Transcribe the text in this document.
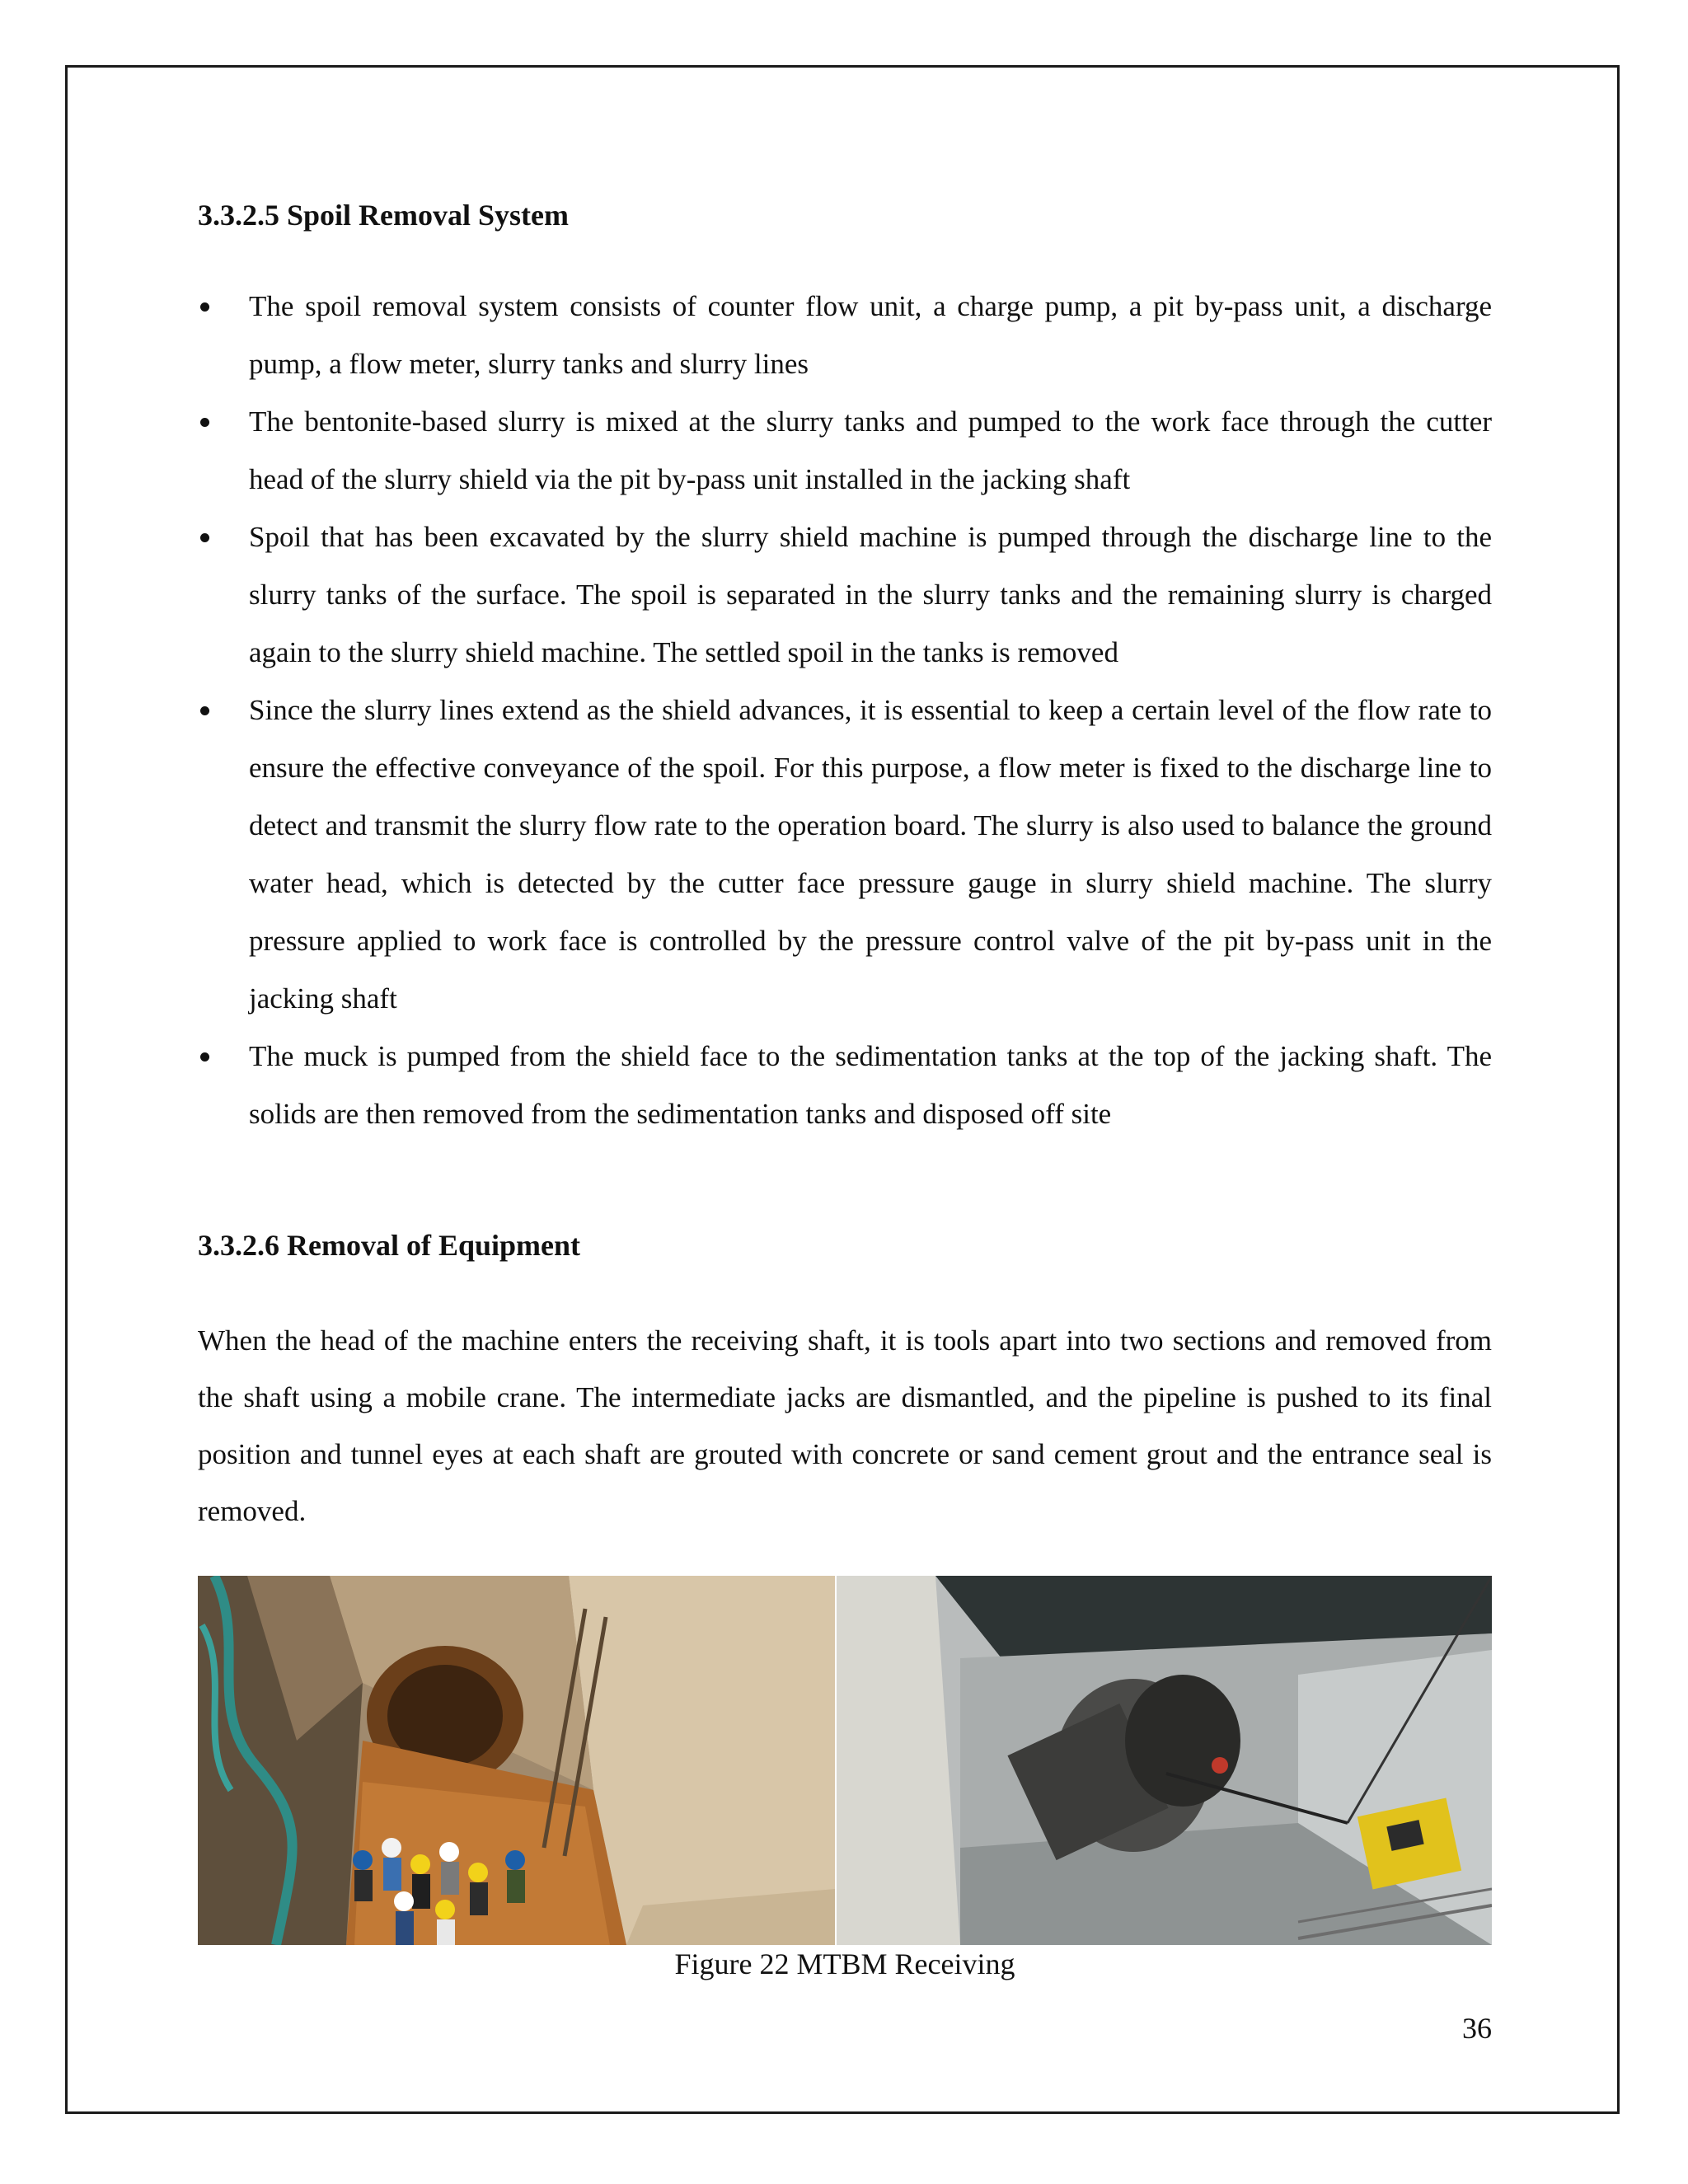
3.3.2.5 Spoil Removal System
The spoil removal system consists of counter flow unit, a charge pump, a pit by-pass unit, a discharge pump, a flow meter, slurry tanks and slurry lines
The bentonite-based slurry is mixed at the slurry tanks and pumped to the work face through the cutter head of the slurry shield via the pit by-pass unit installed in the jacking shaft
Spoil that has been excavated by the slurry shield machine is pumped through the discharge line to the slurry tanks of the surface. The spoil is separated in the slurry tanks and the remaining slurry is charged again to the slurry shield machine. The settled spoil in the tanks is removed
Since the slurry lines extend as the shield advances, it is essential to keep a certain level of the flow rate to ensure the effective conveyance of the spoil. For this purpose, a flow meter is fixed to the discharge line to detect and transmit the slurry flow rate to the operation board. The slurry is also used to balance the ground water head, which is detected by the cutter face pressure gauge in slurry shield machine. The slurry pressure applied to work face is controlled by the pressure control valve of the pit by-pass unit in the jacking shaft
The muck is pumped from the shield face to the sedimentation tanks at the top of the jacking shaft. The solids are then removed from the sedimentation tanks and disposed off site
3.3.2.6 Removal of Equipment

When the head of the machine enters the receiving shaft, it is tools apart into two sections and removed from the shaft using a mobile crane. The intermediate jacks are dismantled, and the pipeline is pushed to its final position and tunnel eyes at each shaft are grouted with concrete or sand cement grout and the entrance seal is removed.

Figure 22 MTBM Receiving

36
